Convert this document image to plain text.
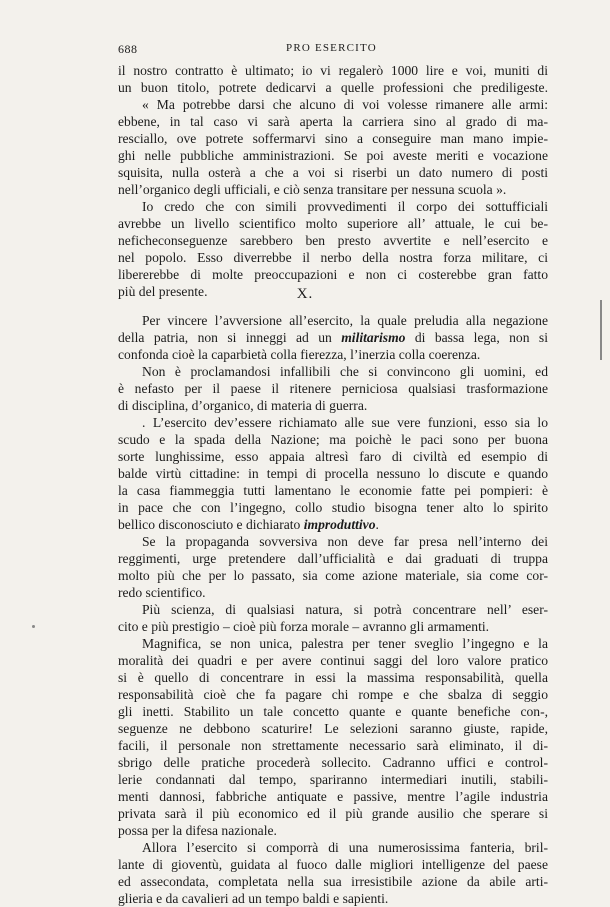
688	PRO ESERCITO
il nostro contratto è ultimato; io vi regalerò 1000 lire e voi, muniti di
un buon titolo, potrete dedicarvi a quelle professioni che prediligeste.
« Ma potrebbe darsi che alcuno di voi volesse rimanere alle armi:
ebbene, in tal caso vi sarà aperta la carriera sino al grado di ma-
resciallo, ove potrete soffermarvi sino a conseguire man mano impie-
ghi nelle pubbliche amministrazioni. Se poi aveste meriti e vocazione
squisita, nulla osterà a che a voi si riserbi un dato numero di posti
nell’organico degli ufficiali, e ciò senza transitare per nessuna scuola ».
Io credo che con simili provvedimenti il corpo dei sottufficiali
avrebbe un livello scientifico molto superiore all’ attuale, le cui be-
neficheconseguenze sarebbero ben presto avvertite e nell’esercito e
nel popolo. Esso diverrebbe il nerbo della nostra forza militare, ci
libererebbe di molte preoccupazioni e non ci costerebbe gran fatto
più del presente.	X.
Per vincere l’avversione all’esercito, la quale preludia alla negazione
della patria, non si inneggi ad un militarismo di bassa lega, non si
confonda cioè la caparbietà colla fierezza, l’inerzia colla coerenza.
Non è proclamandosi infallibili che si convincono gli uomini, ed
è nefasto per il paese il ritenere perniciosa qualsiasi trasformazione
di disciplina, d’organico, di materia di guerra.
. L’esercito dev’essere richiamato alle sue vere funzioni, esso sia lo
scudo e la spada della Nazione; ma poichè le paci sono per buona
sorte lunghissime, esso appaia altresì faro di civiltà ed esempio di
balde virtù cittadine: in tempi di procella nessuno lo discute e quando
la casa fiammeggia tutti lamentano le economie fatte pei pompieri: è
in pace che con l’ingegno, collo studio bisogna tener alto lo spirito
bellico disconosciuto e dichiarato improduttivo.
Se la propaganda sovversiva non deve far presa nell’interno dei
reggimenti, urge pretendere dall’ufficialità e dai graduati di truppa
molto più che per lo passato, sia come azione materiale, sia come cor-
redo scientifico.
Più scienza, di qualsiasi natura, si potrà concentrare nell’ eser-
cito e più prestigio – cioè più forza morale – avranno gli armamenti.
Magnifica, se non unica, palestra per tener sveglio l’ingegno e la
moralità dei quadri e per avere continui saggi del loro valore pratico
si è quello di concentrare in essi la massima responsabilità, quella
responsabilità cioè che fa pagare chi rompe e che sbalza di seggio
gli inetti. Stabilito un tale concetto quante e quante benefiche con-,
seguenze ne debbono scaturire! Le selezioni saranno giuste, rapide,
facili, il personale non strettamente necessario sarà eliminato, il di-
sbrigo delle pratiche procederà sollecito. Cadranno uffici e control-
lerie condannati dal tempo, spariranno intermediari inutili, stabili-
menti dannosi, fabbriche antiquate e passive, mentre l’agile industria
privata sarà il più economico ed il più grande ausilio che sperare si
possa per la difesa nazionale.
Allora l’esercito si comporrà di una numerosissima fanteria, bril-
lante di gioventù, guidata al fuoco dalle migliori intelligenze del paese
ed assecondata, completata nella sua irresistibile azione da abile arti-
glieria e da cavalieri ad un tempo baldi e sapienti.
